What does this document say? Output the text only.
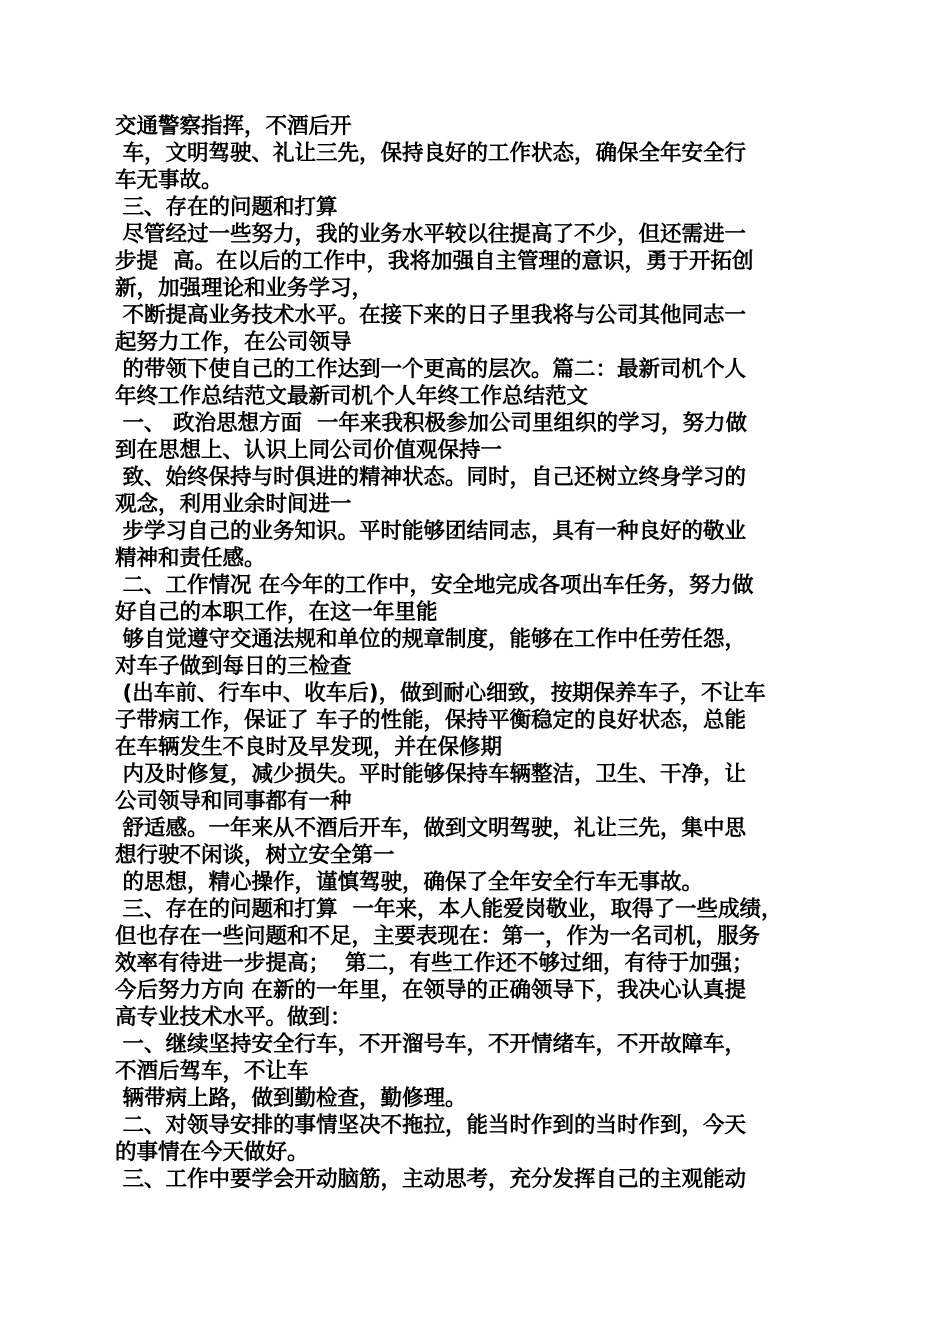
交通警察指挥，不酒后开
车，文明驾驶、礼让三先，保持良好的工作状态，确保全年安全行
车无事故。
三、存在的问题和打算
尽管经过一些努力，我的业务水平较以往提高了不少，但还需进一
步提  高。在以后的工作中，我将加强自主管理的意识，勇于开拓创
新，加强理论和业务学习，
不断提高业务技术水平。在接下来的日子里我将与公司其他同志一
起努力工作，在公司领导
的带领下使自己的工作达到一个更高的层次。篇二：最新司机个人
年终工作总结范文最新司机个人年终工作总结范文
一、 政治思想方面  一年来我积极参加公司里组织的学习，努力做
到在思想上、认识上同公司价值观保持一
致、始终保持与时俱进的精神状态。同时，自己还树立终身学习的
观念，利用业余时间进一
步学习自己的业务知识。平时能够团结同志，具有一种良好的敬业
精神和责任感。
二、工作情况 在今年的工作中，安全地完成各项出车任务，努力做
好自己的本职工作，在这一年里能
够自觉遵守交通法规和单位的规章制度，能够在工作中任劳任怨，
对车子做到每日的三检查
(出车前、行车中、收车后)，做到耐心细致，按期保养车子，不让车
子带病工作，保证了 车子的性能，保持平衡稳定的良好状态，总能
在车辆发生不良时及早发现，并在保修期
内及时修复，减少损失。平时能够保持车辆整洁，卫生、干净，让
公司领导和同事都有一种
舒适感。一年来从不酒后开车，做到文明驾驶，礼让三先，集中思
想行驶不闲谈，树立安全第一
的思想，精心操作，谨慎驾驶，确保了全年安全行车无事故。
三、存在的问题和打算  一年来，本人能爱岗敬业，取得了一些成绩，
但也存在一些问题和不足，主要表现在：第一，作为一名司机，服务
效率有待进一步提高；  第二，有些工作还不够过细，有待于加强；
今后努力方向 在新的一年里，在领导的正确领导下，我决心认真提
高专业技术水平。做到：
一、继续坚持安全行车，不开溜号车，不开情绪车，不开故障车，
不酒后驾车，不让车
辆带病上路，做到勤检查，勤修理。
二、对领导安排的事情坚决不拖拉，能当时作到的当时作到，今天
的事情在今天做好。
三、工作中要学会开动脑筋，主动思考，充分发挥自己的主观能动
